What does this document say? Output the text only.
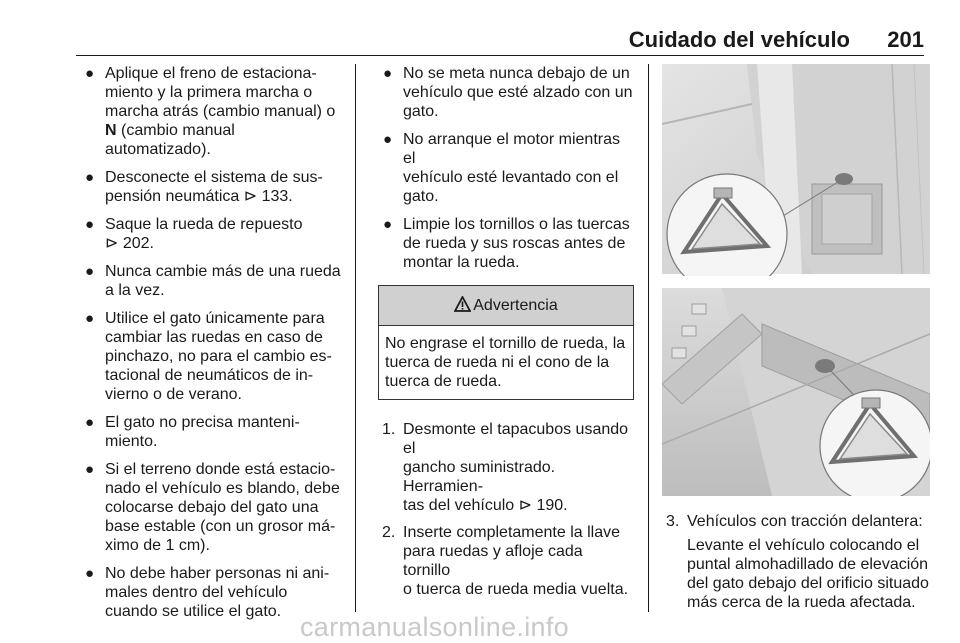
Cuidado del vehículo 201
● Aplique el freno de estaciona-
miento y la primera marcha o
marcha atrás (cambio manual) o
N (cambio manual
automatizado).
● Desconecte el sistema de sus-
pensión neumática ⊳ 133.
● Saque la rueda de repuesto
⊳ 202.
● Nunca cambie más de una rueda
a la vez.
● Utilice el gato únicamente para
cambiar las ruedas en caso de
pinchazo, no para el cambio es-
tacional de neumáticos de in-
vierno o de verano.
● El gato no precisa manteni-
miento.
● Si el terreno donde está estacio-
nado el vehículo es blando, debe
colocarse debajo del gato una
base estable (con un grosor má-
ximo de 1 cm).
● No debe haber personas ni ani-
males dentro del vehículo
cuando se utilice el gato.
● No se meta nunca debajo de un
vehículo que esté alzado con un
gato.
● No arranque el motor mientras el
vehículo esté levantado con el
gato.
● Limpie los tornillos o las tuercas
de rueda y sus roscas antes de
montar la rueda.
Advertencia
No engrase el tornillo de rueda, la
tuerca de rueda ni el cono de la
tuerca de rueda.
1. Desmonte el tapacubos usando el
gancho suministrado. Herramien-
tas del vehículo ⊳ 190.
2. Inserte completamente la llave
para ruedas y afloje cada tornillo
o tuerca de rueda media vuelta.
3. Vehículos con tracción delantera:
Levante el vehículo colocando el
puntal almohadillado de elevación
del gato debajo del orificio situado
más cerca de la rueda afectada.
carmanualsonline.info
